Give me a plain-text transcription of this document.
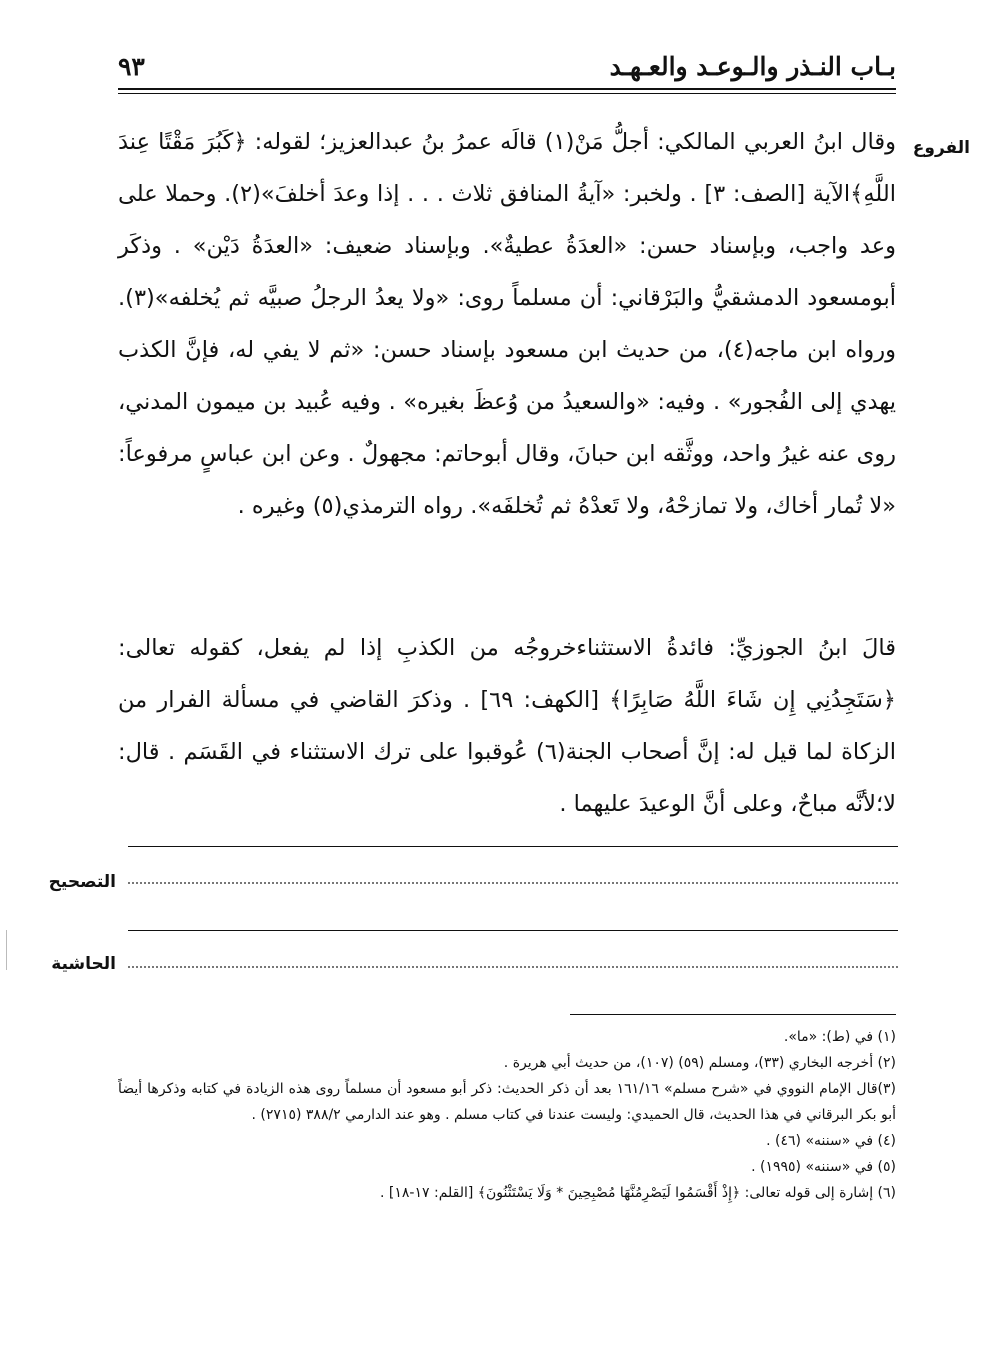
بـاب النـذر والـوعـد والعـهـد
٩٣
الفروع
وقال ابنُ العربي المالكي: أجلُّ مَنْ(١) قالَه عمرُ بنُ عبدالعزيز؛ لقوله: ﴿كَبُرَ مَقْتًا عِندَ اللَّهِ﴾الآية [الصف: ٣] . ولخبر: «آيةُ المنافق ثلاث . . . إذا وعدَ أخلفَ»(٢). وحملا على وعد واجب، وبإسناد حسن: «العدَةُ عطيةٌ». وبإسناد ضعيف: «العدَةُ دَيْن» . وذكَر أبومسعود الدمشقيُّ والبَرْقاني: أن مسلماً روى: «ولا يعدُ الرجلُ صبيَّه ثم يُخلفه»(٣). ورواه ابن ماجه(٤)، من حديث ابن مسعود بإسناد حسن: «ثم لا يفي له، فإنَّ الكذب يهدي إلى الفُجور» . وفيه: «والسعيدُ من وُعظَ بغيره» . وفيه عُبيد بن ميمون المدني، روى عنه غيرُ واحد، ووثَّقه ابن حبانَ، وقال أبوحاتم: مجهولٌ . وعن ابن عباسٍ مرفوعاً: «لا تُمار أخاك، ولا تمازحْهُ، ولا تَعدْهُ ثم تُخلفَه». رواه الترمذي(٥) وغيره .
قالَ ابنُ الجوزيِّ: فائدةُ الاستثناءخروجُه من الكذبِ إذا لم يفعل، كقوله تعالى:﴿سَتَجِدُنِي إِن شَاءَ اللَّهُ صَابِرًا﴾ [الكهف: ٦٩] . وذكرَ القاضي في مسألة الفرار من الزكاة لما قيل له: إنَّ أصحاب الجنة(٦) عُوقبوا على ترك الاستثناء في القَسَم . قال: لا؛لأنَّه مباحٌ، وعلى أنَّ الوعيدَ عليهما .
التصحيح
الحاشية
(١) في (ط): «ما».
(٢) أخرجه البخاري (٣٣)، ومسلم (٥٩) (١٠٧)، من حديث أبي هريرة .
(٣)قال الإمام النووي في «شرح مسلم» ١٦١/١٦ بعد أن ذكر الحديث: ذكر أبو مسعود أن مسلماً روى هذه الزيادة في كتابه وذكرها أيضاً أبو بكر البرقاني في هذا الحديث، قال الحميدي: وليست عندنا في كتاب مسلم . وهو عند الدارمي ٣٨٨/٢ (٢٧١٥) .
(٤) في «سننه» (٤٦) .
(٥) في «سننه» (١٩٩٥) .
(٦) إشارة إلى قوله تعالى: ﴿إِذْ أَقْسَمُوا لَيَصْرِمُنَّهَا مُصْبِحِينَ * وَلَا يَسْتَثْنُونَ﴾ [القلم: ١٧-١٨] .
